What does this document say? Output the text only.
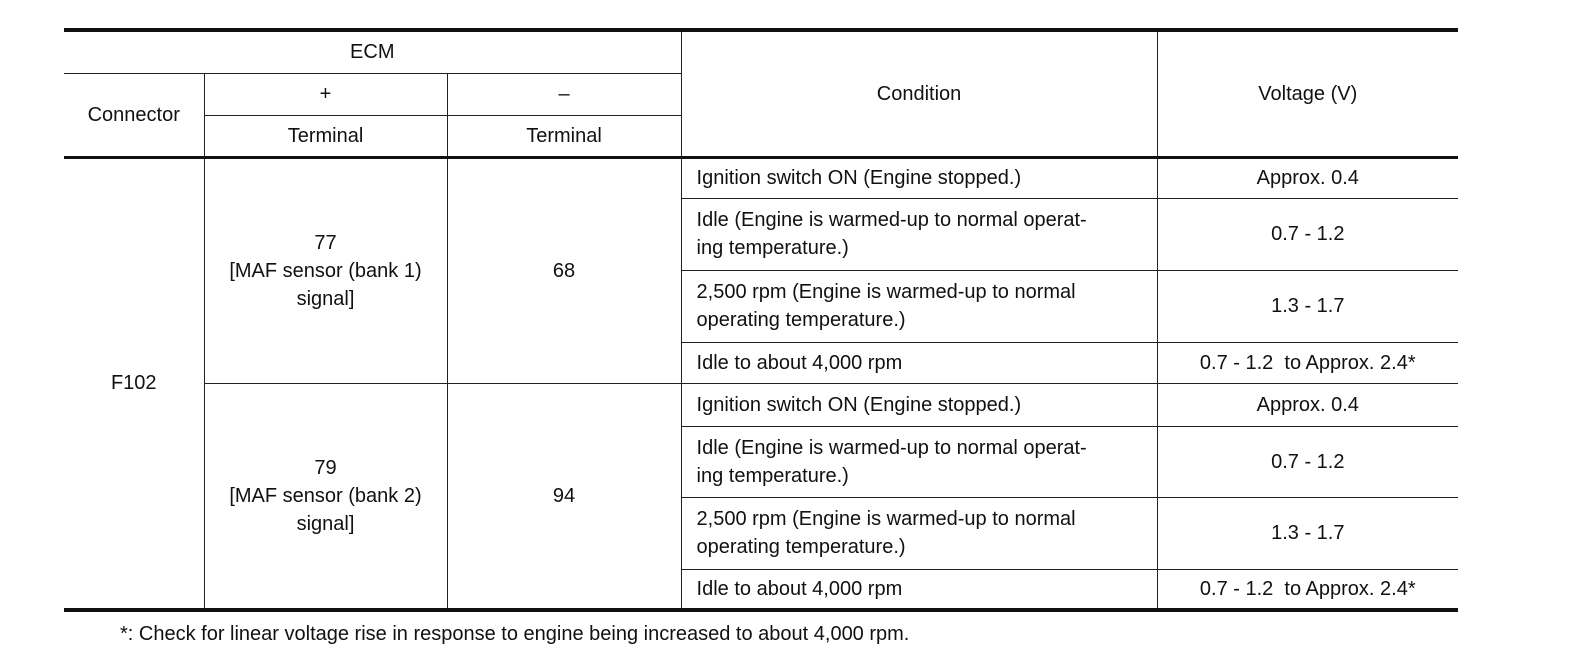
ECM			Condition	Voltage (V)
Connector	+	–		
	Terminal	Terminal		
F102	77
[MAF sensor (bank 1)
signal]	68	Ignition switch ON (Engine stopped.)	Approx. 0.4

			Idle (Engine is warmed-up to normal operat-
ing temperature.)	0.7 - 1.2

			2,500 rpm (Engine is warmed-up to normal
operating temperature.)	1.3 - 1.7
			Idle to about 4,000 rpm	0.7 - 1.2  to Approx. 2.4*

	79
[MAF sensor (bank 2)
signal]	94	Ignition switch ON (Engine stopped.)	Approx. 0.4

			Idle (Engine is warmed-up to normal operat-
ing temperature.)	0.7 - 1.2

			2,500 rpm (Engine is warmed-up to normal
operating temperature.)	1.3 - 1.7
			Idle to about 4,000 rpm	0.7 - 1.2  to Approx. 2.4*
*: Check for linear voltage rise in response to engine being increased to about 4,000 rpm.
